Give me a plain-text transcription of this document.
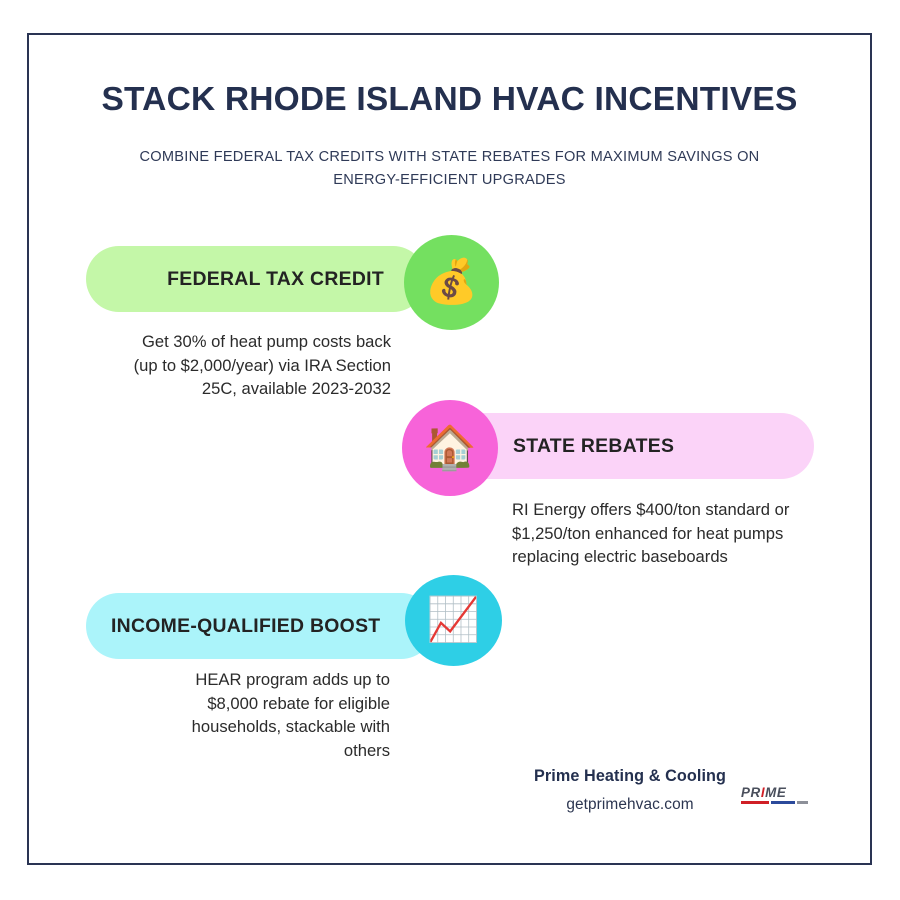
STACK RHODE ISLAND HVAC INCENTIVES
COMBINE FEDERAL TAX CREDITS WITH STATE REBATES FOR MAXIMUM SAVINGS ON ENERGY-EFFICIENT UPGRADES
FEDERAL TAX CREDIT 💰
Get 30% of heat pump costs back (up to $2,000/year) via IRA Section 25C, available 2023-2032
STATE REBATES
🏠
RI Energy offers $400/ton standard or $1,250/ton enhanced for heat pumps replacing electric baseboards
INCOME-QUALIFIED BOOST 📈
HEAR program adds up to $8,000 rebate for eligible households, stackable with others
Prime Heating & Cooling
getprimehvac.com
PRIME
